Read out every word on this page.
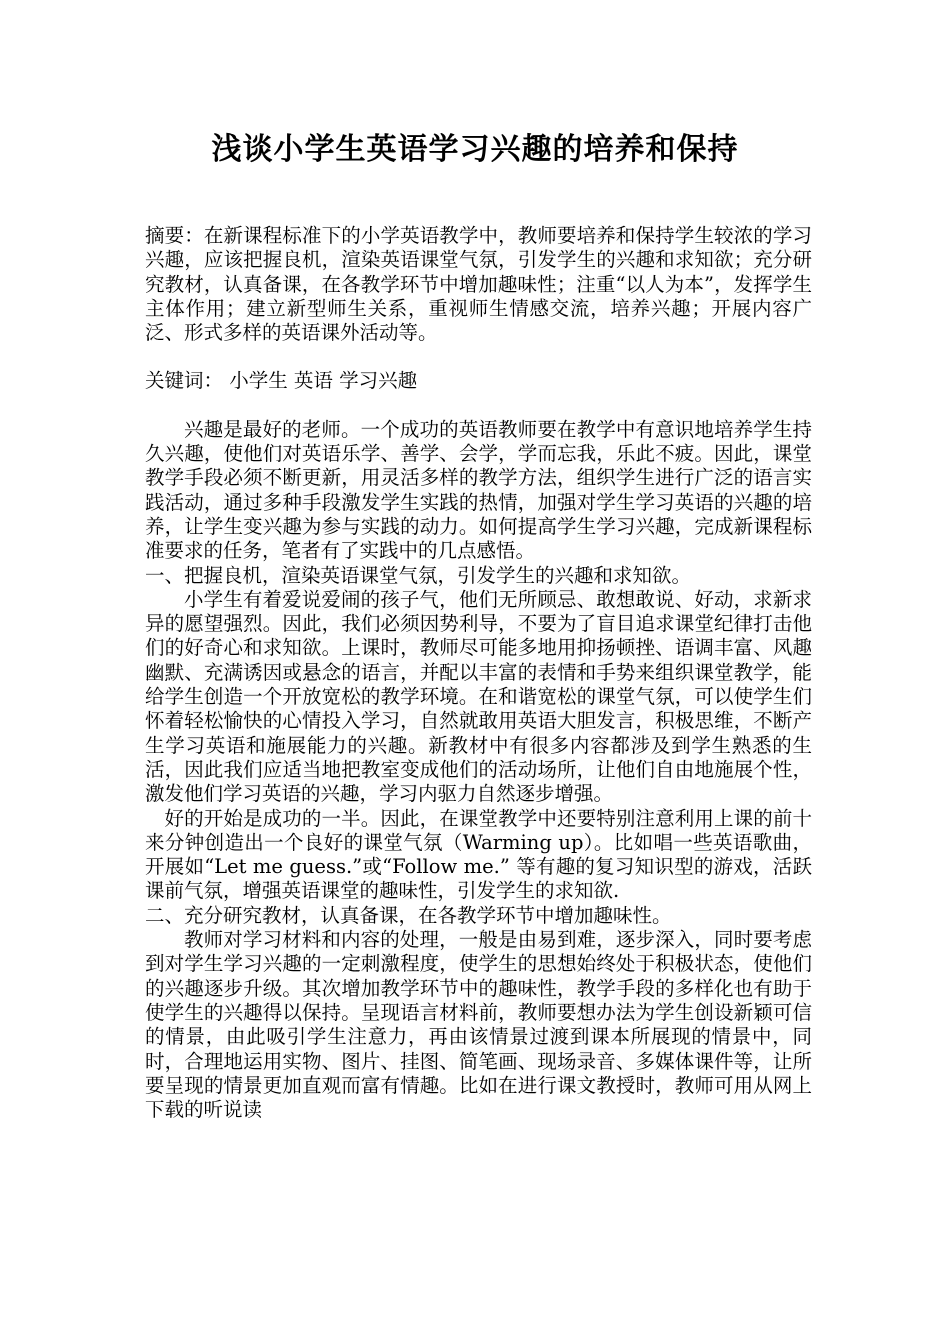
浅谈小学生英语学习兴趣的培养和保持

摘要：在新课程标准下的小学英语教学中，教师要培养和保持学生较浓的学习兴趣，应该把握良机，渲染英语课堂气氛，引发学生的兴趣和求知欲；充分研究教材，认真备课，在各教学环节中增加趣味性；注重“以人为本”，发挥学生主体作用；建立新型师生关系，重视师生情感交流，培养兴趣；开展内容广泛、形式多样的英语课外活动等。

关键词： 小学生 英语 学习兴趣

兴趣是最好的老师。一个成功的英语教师要在教学中有意识地培养学生持久兴趣，使他们对英语乐学、善学、会学，学而忘我，乐此不疲。因此，课堂教学手段必须不断更新，用灵活多样的教学方法，组织学生进行广泛的语言实践活动，通过多种手段激发学生实践的热情，加强对学生学习英语的兴趣的培养，让学生变兴趣为参与实践的动力。如何提高学生学习兴趣，完成新课程标准要求的任务，笔者有了实践中的几点感悟。

一、把握良机，渲染英语课堂气氛，引发学生的兴趣和求知欲。

小学生有着爱说爱闹的孩子气，他们无所顾忌、敢想敢说、好动，求新求异的愿望强烈。因此，我们必须因势利导，不要为了盲目追求课堂纪律打击他们的好奇心和求知欲。上课时，教师尽可能多地用抑扬顿挫、语调丰富、风趣幽默、充满诱因或悬念的语言，并配以丰富的表情和手势来组织课堂教学，能给学生创造一个开放宽松的教学环境。在和谐宽松的课堂气氛，可以使学生们怀着轻松愉快的心情投入学习，自然就敢用英语大胆发言，积极思维，不断产生学习英语和施展能力的兴趣。新教材中有很多内容都涉及到学生熟悉的生活，因此我们应适当地把教室变成他们的活动场所，让他们自由地施展个性，激发他们学习英语的兴趣，学习内驱力自然逐步增强。

好的开始是成功的一半。因此，在课堂教学中还要特别注意利用上课的前十来分钟创造出一个良好的课堂气氛（Warming up）。比如唱一些英语歌曲，开展如“Let me guess.”或“Follow me.” 等有趣的复习知识型的游戏，活跃课前气氛，增强英语课堂的趣味性，引发学生的求知欲.

二、充分研究教材，认真备课，在各教学环节中增加趣味性。

教师对学习材料和内容的处理，一般是由易到难，逐步深入，同时要考虑到对学生学习兴趣的一定刺激程度，使学生的思想始终处于积极状态，使他们的兴趣逐步升级。其次增加教学环节中的趣味性，教学手段的多样化也有助于使学生的兴趣得以保持。呈现语言材料前，教师要想办法为学生创设新颖可信的情景，由此吸引学生注意力，再由该情景过渡到课本所展现的情景中，同时，合理地运用实物、图片、挂图、简笔画、现场录音、多媒体课件等，让所要呈现的情景更加直观而富有情趣。比如在进行课文教授时，教师可用从网上下载的听说读
